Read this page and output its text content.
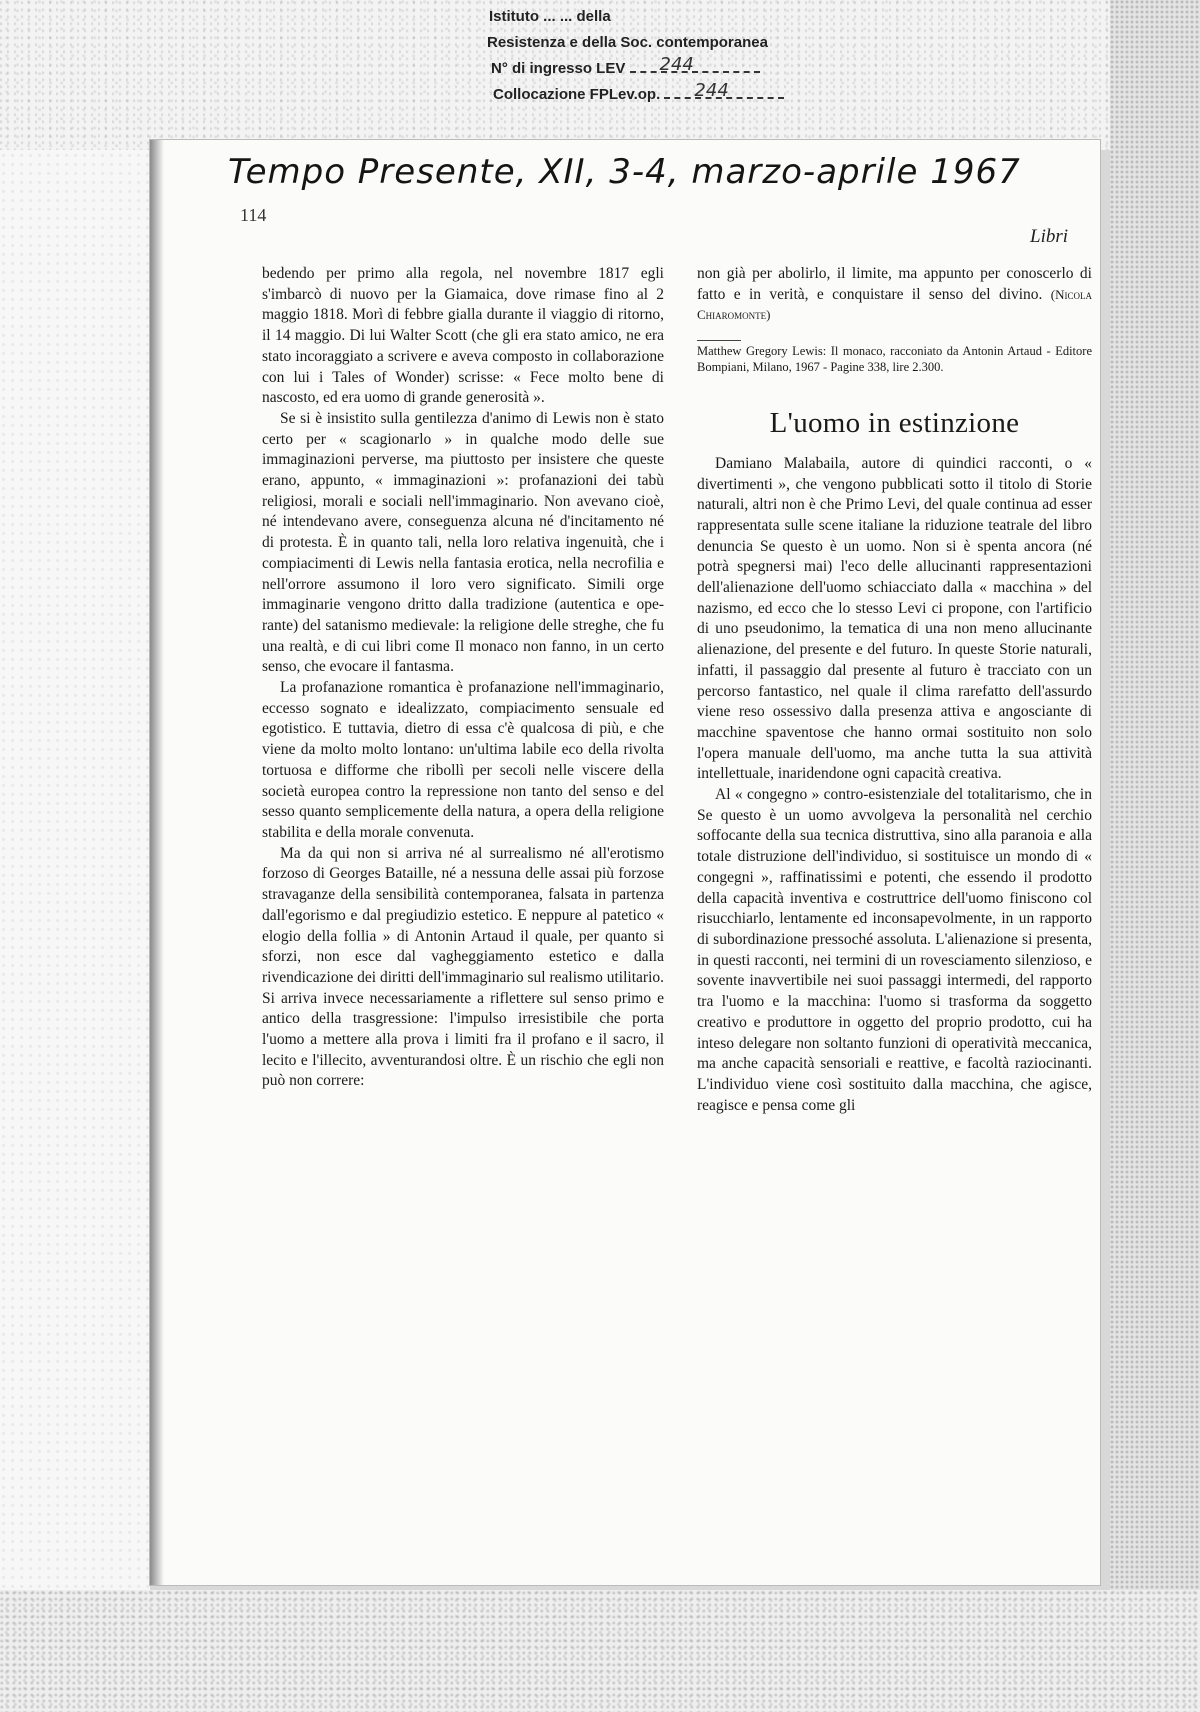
Istituto ... ... della
Resistenza e della Soc. contemporanea
N° di ingresso LEV 244
Collocazione FPLev.op. 244
Tempo Presente, XII, 3-4, marzo-aprile 1967
114
Libri

bedendo per primo alla regola, nel novembre 1817 egli s'imbarcò di nuovo per la Giamaica, dove rimase fino al 2 maggio 1818. Morì di febbre gialla durante il viaggio di ritorno, il 14 maggio. Di lui Walter Scott (che gli era stato amico, ne era stato incoraggiato a scrivere e aveva composto in collaborazione con lui i Tales of Wonder) scrisse: « Fece molto bene di nascosto, ed era uomo di grande generosità ».

Se si è insistito sulla gentilezza d'animo di Lewis non è stato certo per « scagionarlo » in qualche modo delle sue immaginazioni perverse, ma piuttosto per insistere che queste erano, appunto, « immaginazioni »: profanazioni dei tabù religiosi, morali e sociali nell'immaginario. Non avevano cioè, né intendevano avere, conseguenza alcuna né d'incitamento né di protesta. È in quanto tali, nella loro relativa ingenuità, che i compiacimenti di Lewis nella fantasia erotica, nella necrofilia e nell'orrore assumono il loro vero significato. Simili orge immaginarie vengono dritto dalla tradizione (autentica e operante) del satanismo medievale: la religione delle streghe, che fu una realtà, e di cui libri come Il monaco non fanno, in un certo senso, che evocare il fantasma.

La profanazione romantica è profanazione nell'immaginario, eccesso sognato e idealizzato, compiacimento sensuale ed egotistico. E tuttavia, dietro di essa c'è qualcosa di più, e che viene da molto molto lontano: un'ultima labile eco della rivolta tortuosa e difforme che ribollì per secoli nelle viscere della società europea contro la repressione non tanto del senso e del sesso quanto semplicemente della natura, a opera della religione stabilita e della morale convenuta.

Ma da qui non si arriva né al surrealismo né all'erotismo forzoso di Georges Bataille, né a nessuna delle assai più forzose stravaganze della sensibilità contemporanea, falsata in partenza dall'egorismo e dal pregiudizio estetico. E neppure al patetico « elogio della follia » di Antonin Artaud il quale, per quanto si sforzi, non esce dal vagheggiamento estetico e dalla rivendicazione dei diritti dell'immaginario sul realismo utilitario. Si arriva invece necessariamente a riflettere sul senso primo e antico della trasgressione: l'impulso irresistibile che porta l'uomo a mettere alla prova i limiti fra il profano e il sacro, il lecito e l'illecito, avventurandosi oltre. È un rischio che egli non può non correre:

non già per abolirlo, il limite, ma appunto per conoscerlo di fatto e in verità, e conquistare il senso del divino. (Nicola Chiaromonte)

Matthew Gregory Lewis: Il monaco, racconiato da Antonin Artaud - Editore Bompiani, Milano, 1967 - Pagine 338, lire 2.300.
L'uomo in estinzione

Damiano Malabaila, autore di quindici racconti, o « divertimenti », che vengono pubblicati sotto il titolo di Storie naturali, altri non è che Primo Levi, del quale continua ad esser rappresentata sulle scene italiane la riduzione teatrale del libro denuncia Se questo è un uomo. Non si è spenta ancora (né potrà spegnersi mai) l'eco delle allucinanti rappresentazioni dell'alienazione dell'uomo schiacciato dalla « macchina » del nazismo, ed ecco che lo stesso Levi ci propone, con l'artificio di uno pseudonimo, la tematica di una non meno allucinante alienazione, del presente e del futuro. In queste Storie naturali, infatti, il passaggio dal presente al futuro è tracciato con un percorso fantastico, nel quale il clima rarefatto dell'assurdo viene reso ossessivo dalla presenza attiva e angosciante di macchine spaventose che hanno ormai sostituito non solo l'opera manuale dell'uomo, ma anche tutta la sua attività intellettuale, inaridendone ogni capacità creativa.

Al « congegno » contro-esistenziale del totalitarismo, che in Se questo è un uomo avvolgeva la personalità nel cerchio soffocante della sua tecnica distruttiva, sino alla paranoia e alla totale distruzione dell'individuo, si sostituisce un mondo di « congegni », raffinatissimi e potenti, che essendo il prodotto della capacità inventiva e costruttrice dell'uomo finiscono col risucchiarlo, lentamente ed inconsapevolmente, in un rapporto di subordinazione pressoché assoluta. L'alienazione si presenta, in questi racconti, nei termini di un rovesciamento silenzioso, e sovente inavvertibile nei suoi passaggi intermedi, del rapporto tra l'uomo e la macchina: l'uomo si trasforma da soggetto creativo e produttore in oggetto del proprio prodotto, cui ha inteso delegare non soltanto funzioni di operatività meccanica, ma anche capacità sensoriali e reattive, e facoltà raziocinanti. L'individuo viene così sostituito dalla macchina, che agisce, reagisce e pensa come gli
